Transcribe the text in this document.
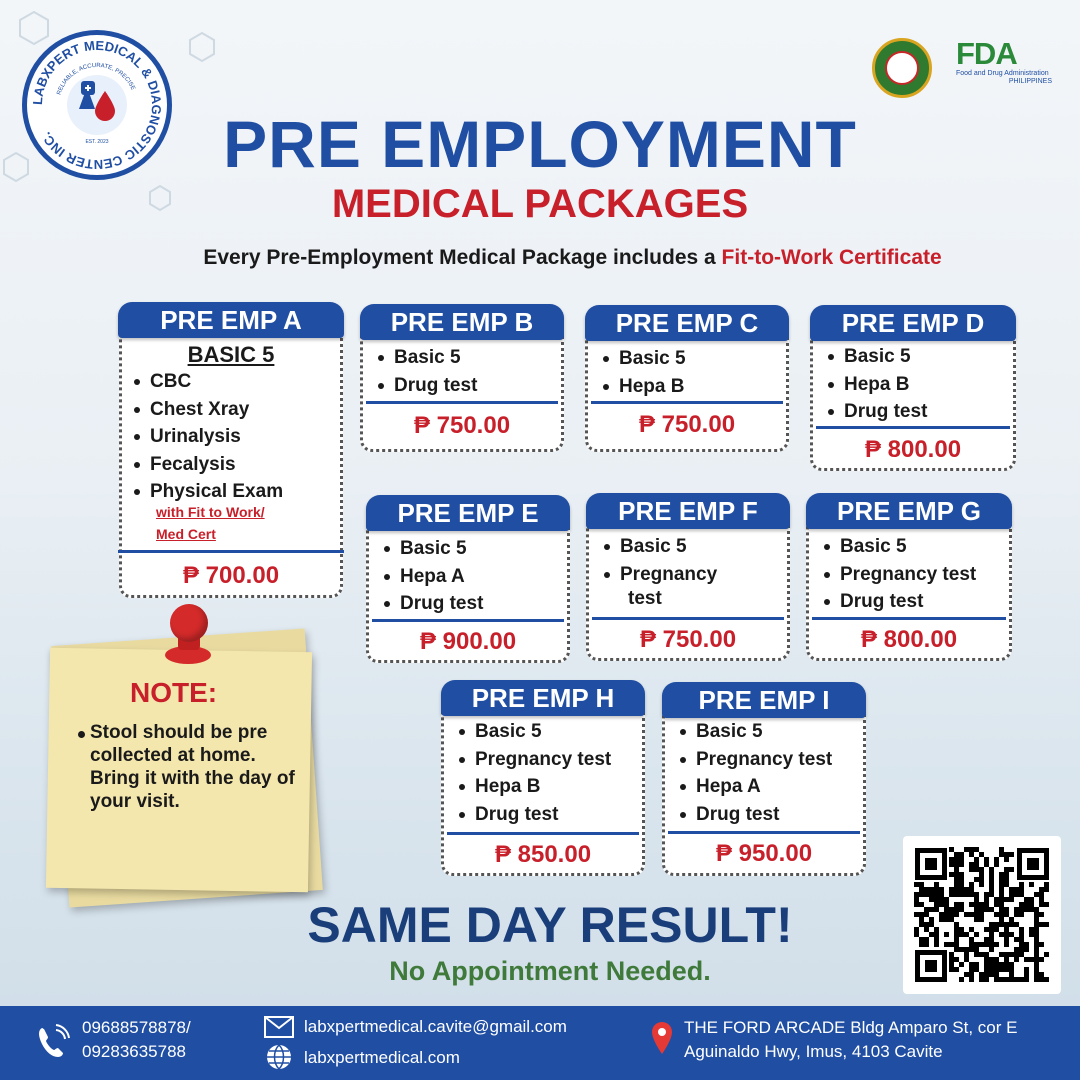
LABXPERT MEDICAL & DIAGNOSTIC CENTER INC.
RELIABLE, ACCURATE, PRECISE
EST. 2023
FDA
Food and Drug Administration
PHILIPPINES
PRE EMPLOYMENT
MEDICAL PACKAGES
Every Pre-Employment Medical Package includes a Fit-to-Work Certificate
PRE EMP A
BASIC 5
CBC
Chest Xray
Urinalysis
Fecalysis
Physical Exam
with Fit to Work/
Med Cert
₱ 700.00
PRE EMP B
Basic 5
Drug test
₱ 750.00
PRE EMP C
Basic 5
Hepa B
₱ 750.00
PRE EMP D
Basic 5
Hepa B
Drug test
₱ 800.00
PRE EMP E
Basic 5
Hepa A
Drug test
₱ 900.00
PRE EMP F
Basic 5
Pregnancy
test
₱ 750.00
PRE EMP G
Basic 5
Pregnancy test
Drug test
₱ 800.00
PRE EMP H
Basic 5
Pregnancy test
Hepa B
Drug test
₱ 850.00
PRE EMP I
Basic 5
Pregnancy test
Hepa A
Drug test
₱ 950.00
NOTE:
Stool should be pre collected at home. Bring it with the day of your visit.
SAME DAY RESULT!
No Appointment Needed.
09688578878/
09283635788
labxpertmedical.cavite@gmail.com
labxpertmedical.com
THE FORD ARCADE Bldg Amparo St, cor E
Aguinaldo Hwy, Imus, 4103 Cavite
